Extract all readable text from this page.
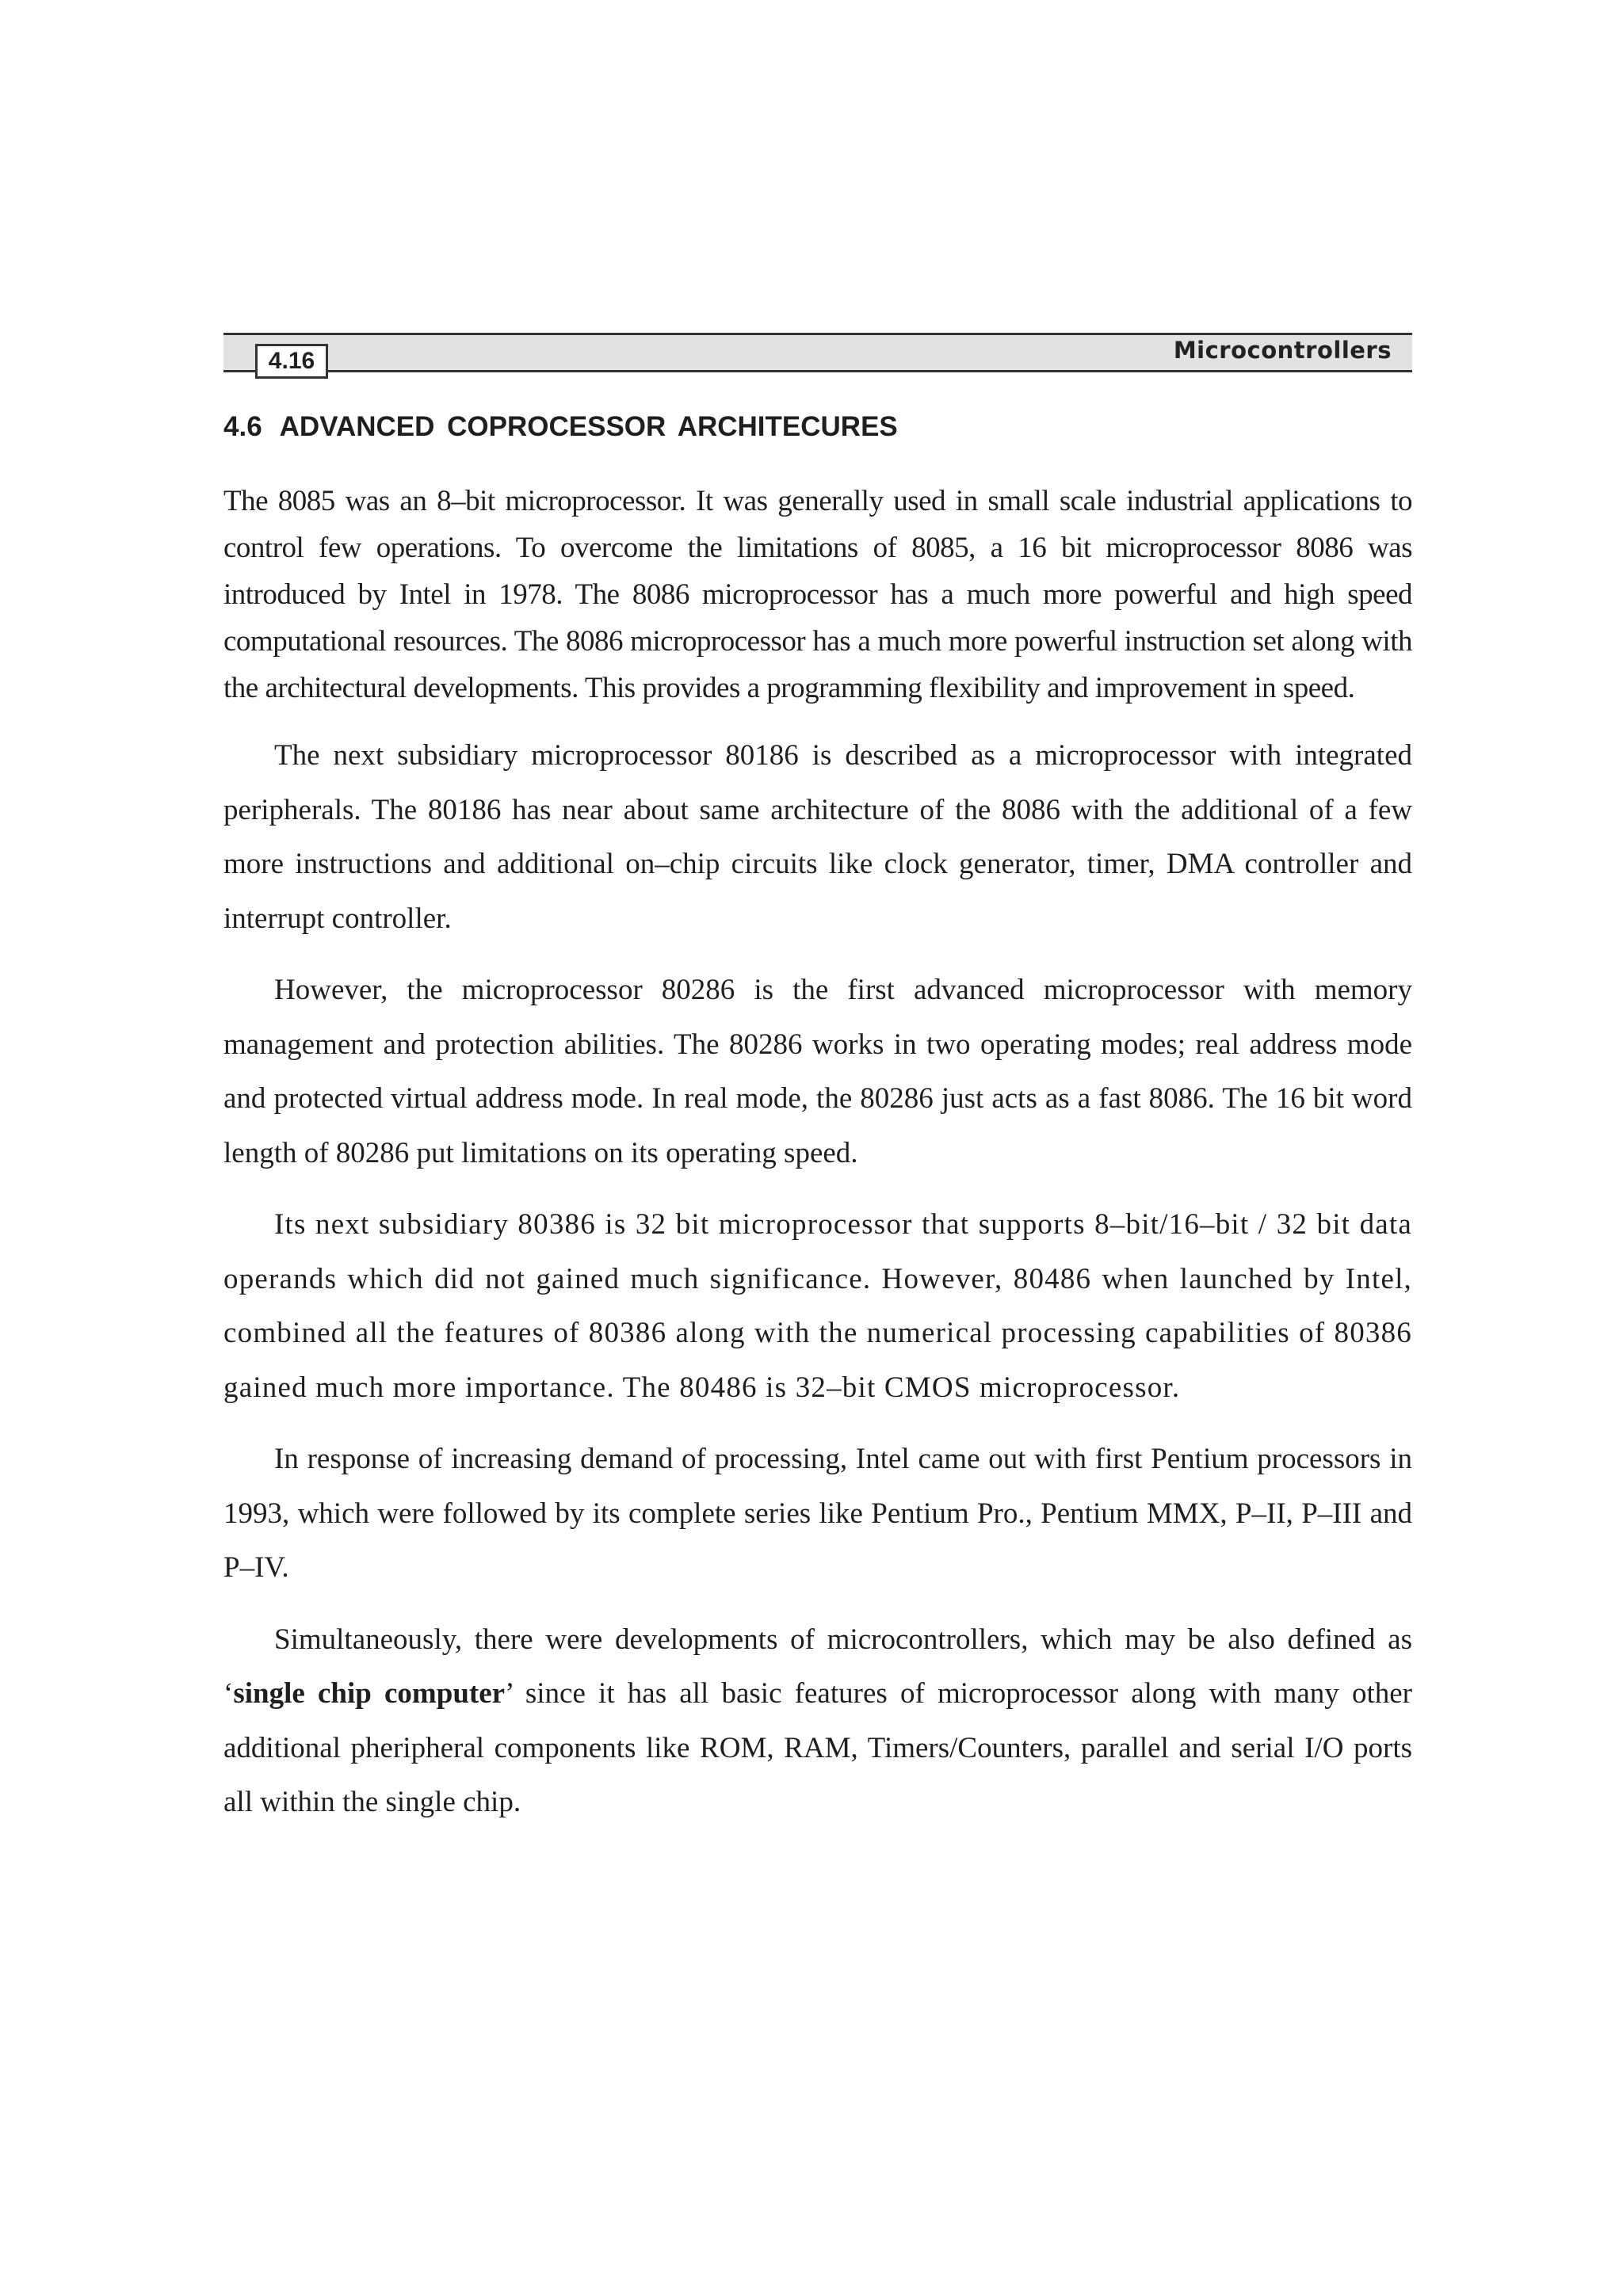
4.16	Microcontrollers
4.6 ADVANCED COPROCESSOR ARCHITECURES

The 8085 was an 8–bit microprocessor. It was generally used in small scale industrial applications to control few operations. To overcome the limitations of 8085, a 16 bit microprocessor 8086 was introduced by Intel in 1978. The 8086 microprocessor has a much more powerful and high speed computational resources. The 8086 microprocessor has a much more powerful instruction set along with the architectural developments. This provides a programming flexibility and improvement in speed.

The next subsidiary microprocessor 80186 is described as a microprocessor with integrated peripherals. The 80186 has near about same architecture of the 8086 with the additional of a few more instructions and additional on–chip circuits like clock generator, timer, DMA controller and interrupt controller.

However, the microprocessor 80286 is the first advanced microprocessor with memory management and protection abilities. The 80286 works in two operating modes; real address mode and protected virtual address mode. In real mode, the 80286 just acts as a fast 8086. The 16 bit word length of 80286 put limitations on its operating speed.

Its next subsidiary 80386 is 32 bit microprocessor that supports 8–bit/16–bit / 32 bit data operands which did not gained much significance. However, 80486 when launched by Intel, combined all the features of 80386 along with the numerical processing capabilities of 80386 gained much more importance. The 80486 is 32–bit CMOS microprocessor.

In response of increasing demand of processing, Intel came out with first Pentium processors in 1993, which were followed by its complete series like Pentium Pro., Pentium MMX, P–II, P–III and P–IV.

Simultaneously, there were developments of microcontrollers, which may be also defined as ‘single chip computer’ since it has all basic features of microprocessor along with many other additional pheripheral components like ROM, RAM, Timers/Counters, parallel and serial I/O ports all within the single chip.
